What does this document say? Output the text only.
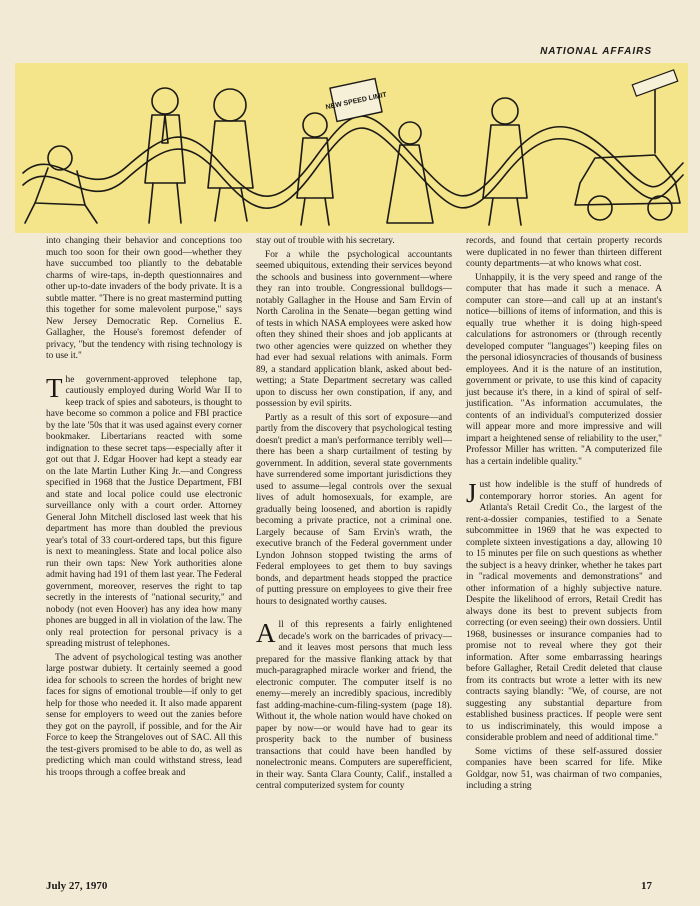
NATIONAL AFFAIRS
NEW SPEED LIMIT

into changing their behavior and conceptions too much too soon for their own good—whether they have succumbed too pliantly to the debatable charms of wire-taps, in-depth questionnaires and other up-to-date invaders of the body private. It is a subtle matter. "There is no great mastermind putting this together for some malevolent purpose," says New Jersey Democratic Rep. Cornelius E. Gallagher, the House's foremost defender of privacy, "but the tendency with rising technology is to use it."

The government-approved telephone tap, cautiously employed during World War II to keep track of spies and saboteurs, is thought to have become so common a police and FBI practice by the late '50s that it was used against every corner bookmaker. Libertarians reacted with some indignation to these secret taps—especially after it got out that J. Edgar Hoover had kept a steady ear on the late Martin Luther King Jr.—and Congress specified in 1968 that the Justice Department, FBI and state and local police could use electronic surveillance only with a court order. Attorney General John Mitchell disclosed last week that his department has more than doubled the previous year's total of 33 court-ordered taps, but this figure is next to meaningless. State and local police also run their own taps: New York authorities alone admit having had 191 of them last year. The Federal government, moreover, reserves the right to tap secretly in the interests of "national security," and nobody (not even Hoover) has any idea how many phones are bugged in all in violation of the law. The only real protection for personal privacy is a spreading mistrust of telephones.

The advent of psychological testing was another large postwar dubiety. It certainly seemed a good idea for schools to screen the hordes of bright new faces for signs of emotional trouble—if only to get help for those who needed it. It also made apparent sense for employers to weed out the zanies before they got on the payroll, if possible, and for the Air Force to keep the Strangeloves out of SAC. All this the test-givers promised to be able to do, as well as predicting which man could withstand stress, lead his troops through a coffee break and

stay out of trouble with his secretary.

For a while the psychological accountants seemed ubiquitous, extending their services beyond the schools and business into government—where they ran into trouble. Congressional bulldogs—notably Gallagher in the House and Sam Ervin of North Carolina in the Senate—began getting wind of tests in which NASA employees were asked how often they shined their shoes and job applicants at two other agencies were quizzed on whether they had ever had sexual relations with animals. Form 89, a standard application blank, asked about bed-wetting; a State Department secretary was called upon to discuss her own constipation, if any, and possession by evil spirits.

Partly as a result of this sort of exposure—and partly from the discovery that psychological testing doesn't predict a man's performance terribly well—there has been a sharp curtailment of testing by government. In addition, several state governments have surrendered some important jurisdictions they used to assume—legal controls over the sexual lives of adult homosexuals, for example, are gradually being loosened, and abortion is rapidly becoming a private practice, not a criminal one. Largely because of Sam Ervin's wrath, the executive branch of the Federal government under Lyndon Johnson stopped twisting the arms of Federal employees to get them to buy savings bonds, and department heads stopped the practice of putting pressure on employees to give their free hours to designated worthy causes.

All of this represents a fairly enlightened decade's work on the barricades of privacy—and it leaves most persons that much less prepared for the massive flanking attack by that much-paragraphed miracle worker and friend, the electronic computer. The computer itself is no enemy—merely an incredibly spacious, incredibly fast adding-machine-cum-filing-system (page 18). Without it, the whole nation would have choked on paper by now—or would have had to gear its prosperity back to the number of business transactions that could have been handled by nonelectronic means. Computers are superefficient, in their way. Santa Clara County, Calif., installed a central computerized system for county

records, and found that certain property records were duplicated in no fewer than thirteen different county departments—at who knows what cost.

Unhappily, it is the very speed and range of the computer that has made it such a menace. A computer can store—and call up at an instant's notice—billions of items of information, and this is equally true whether it is doing high-speed calculations for astronomers or (through recently developed computer "languages") keeping files on the personal idiosyncracies of thousands of business employees. And it is the nature of an institution, government or private, to use this kind of capacity just because it's there, in a kind of spiral of self-justification. "As information accumulates, the contents of an individual's computerized dossier will appear more and more impressive and will impart a heightened sense of reliability to the user," Professor Miller has written. "A computerized file has a certain indelible quality."

Just how indelible is the stuff of hundreds of contemporary horror stories. An agent for Atlanta's Retail Credit Co., the largest of the rent-a-dossier companies, testified to a Senate subcommittee in 1969 that he was expected to complete sixteen investigations a day, allowing 10 to 15 minutes per file on such questions as whether the subject is a heavy drinker, whether he takes part in "radical movements and demonstrations" and other information of a highly subjective nature. Despite the likelihood of errors, Retail Credit has always done its best to prevent subjects from correcting (or even seeing) their own dossiers. Until 1968, businesses or insurance companies had to promise not to reveal where they got their information. After some embarrassing hearings before Gallagher, Retail Credit deleted that clause from its contracts but wrote a letter with its new contracts saying blandly: "We, of course, are not suggesting any substantial departure from established business practices. If people were sent to us indiscriminately, this would impose a considerable problem and need of additional time."

Some victims of these self-assured dossier companies have been scarred for life. Mike Goldgar, now 51, was chairman of two companies, including a string

July 27, 1970	17
